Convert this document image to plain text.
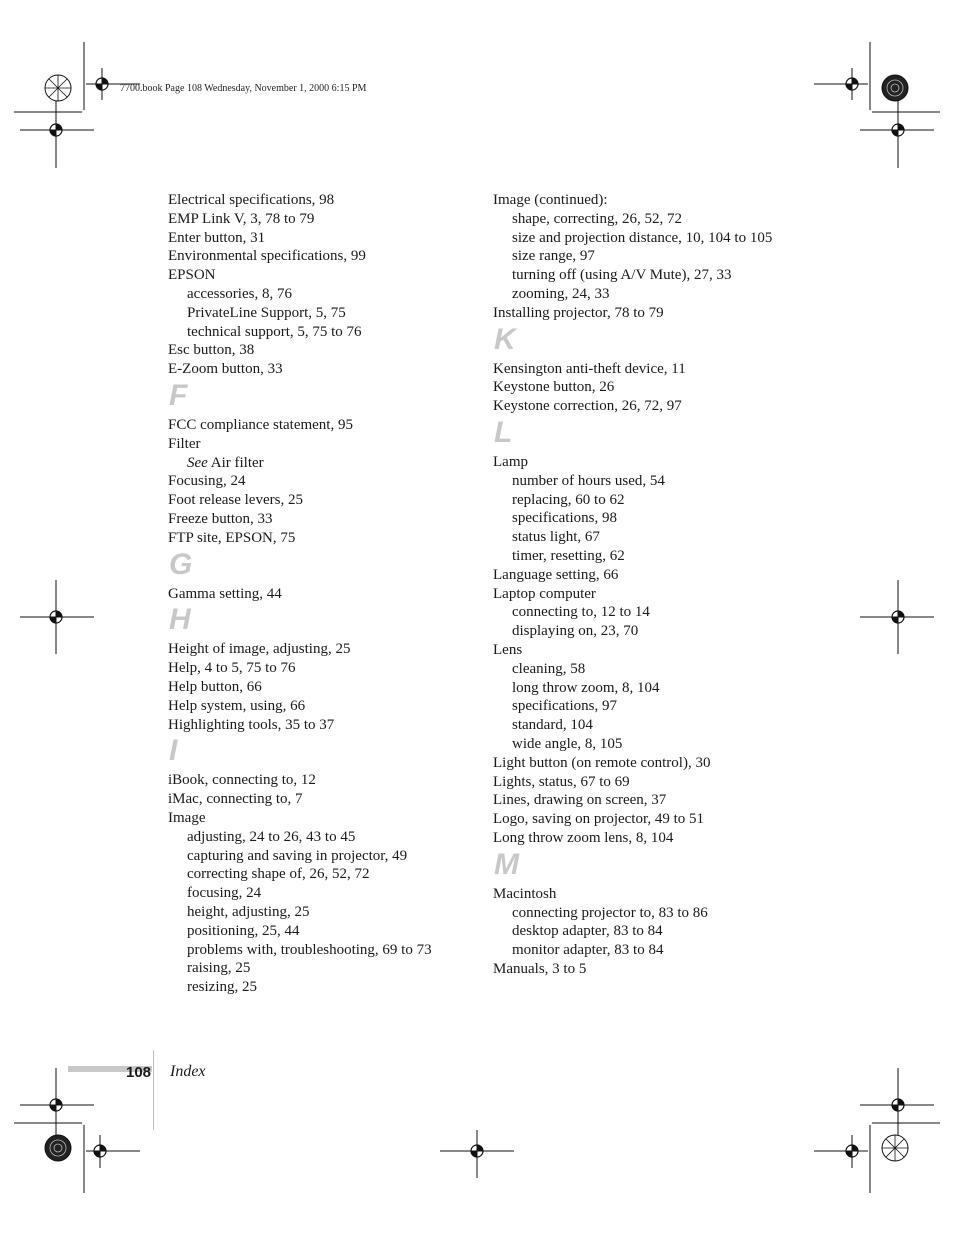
7700.book Page 108 Wednesday, November 1, 2000 6:15 PM
Electrical specifications, 98
EMP Link V, 3, 78 to 79
Enter button, 31
Environmental specifications, 99
EPSON
accessories, 8, 76
PrivateLine Support, 5, 75
technical support, 5, 75 to 76
Esc button, 38
E-Zoom button, 33
F
FCC compliance statement, 95
Filter
See Air filter
Focusing, 24
Foot release levers, 25
Freeze button, 33
FTP site, EPSON, 75
G
Gamma setting, 44
H
Height of image, adjusting, 25
Help, 4 to 5, 75 to 76
Help button, 66
Help system, using, 66
Highlighting tools, 35 to 37
I
iBook, connecting to, 12
iMac, connecting to, 7
Image
adjusting, 24 to 26, 43 to 45
capturing and saving in projector, 49
correcting shape of, 26, 52, 72
focusing, 24
height, adjusting, 25
positioning, 25, 44
problems with, troubleshooting, 69 to 73
raising, 25
resizing, 25
Image (continued):
shape, correcting, 26, 52, 72
size and projection distance, 10, 104 to 105
size range, 97
turning off (using A/V Mute), 27, 33
zooming, 24, 33
Installing projector, 78 to 79
K
Kensington anti-theft device, 11
Keystone button, 26
Keystone correction, 26, 72, 97
L
Lamp
number of hours used, 54
replacing, 60 to 62
specifications, 98
status light, 67
timer, resetting, 62
Language setting, 66
Laptop computer
connecting to, 12 to 14
displaying on, 23, 70
Lens
cleaning, 58
long throw zoom, 8, 104
specifications, 97
standard, 104
wide angle, 8, 105
Light button (on remote control), 30
Lights, status, 67 to 69
Lines, drawing on screen, 37
Logo, saving on projector, 49 to 51
Long throw zoom lens, 8, 104
M
Macintosh
connecting projector to, 83 to 86
desktop adapter, 83 to 84
monitor adapter, 83 to 84
Manuals, 3 to 5
108 Index
